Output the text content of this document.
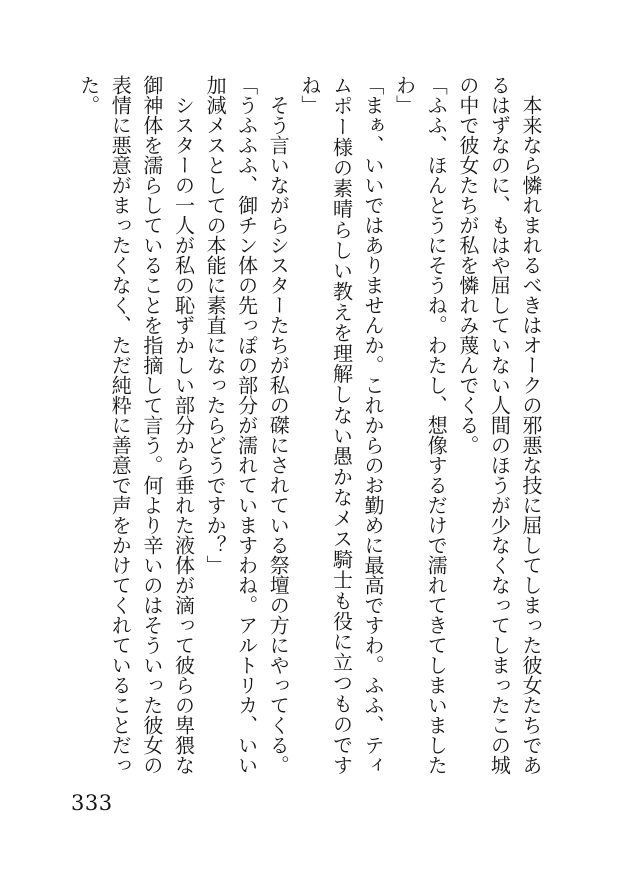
本来なら憐れまれるべきはオークの邪悪な技に屈してしまった彼女たちであ
るはずなのに、もはや屈していない人間のほうが少なくなってしまったこの城
の中で彼女たちが私を憐れみ蔑んでくる。
「ふふ、ほんとうにそうね。わたし、想像するだけで濡れてきてしまいました
わ」
「まぁ、いいではありませんか。これからのお勤めに最高ですわ。ふふ、ティ
ムポー様の素晴らしい教えを理解しない愚かなメス騎士も役に立つものです
ね」
そう言いながらシスターたちが私の磔にされている祭壇の方にやってくる。
「うふふふ、御チン体の先っぽの部分が濡れていますわね。アルトリカ、いい
加減メスとしての本能に素直になったらどうですか？」
シスターの一人が私の恥ずかしい部分から垂れた液体が滴って彼らの卑猥な
御神体を濡らしていることを指摘して言う。何より辛いのはそういった彼女の
表情に悪意がまったくなく、ただ純粋に善意で声をかけてくれていることだっ
た。
333
